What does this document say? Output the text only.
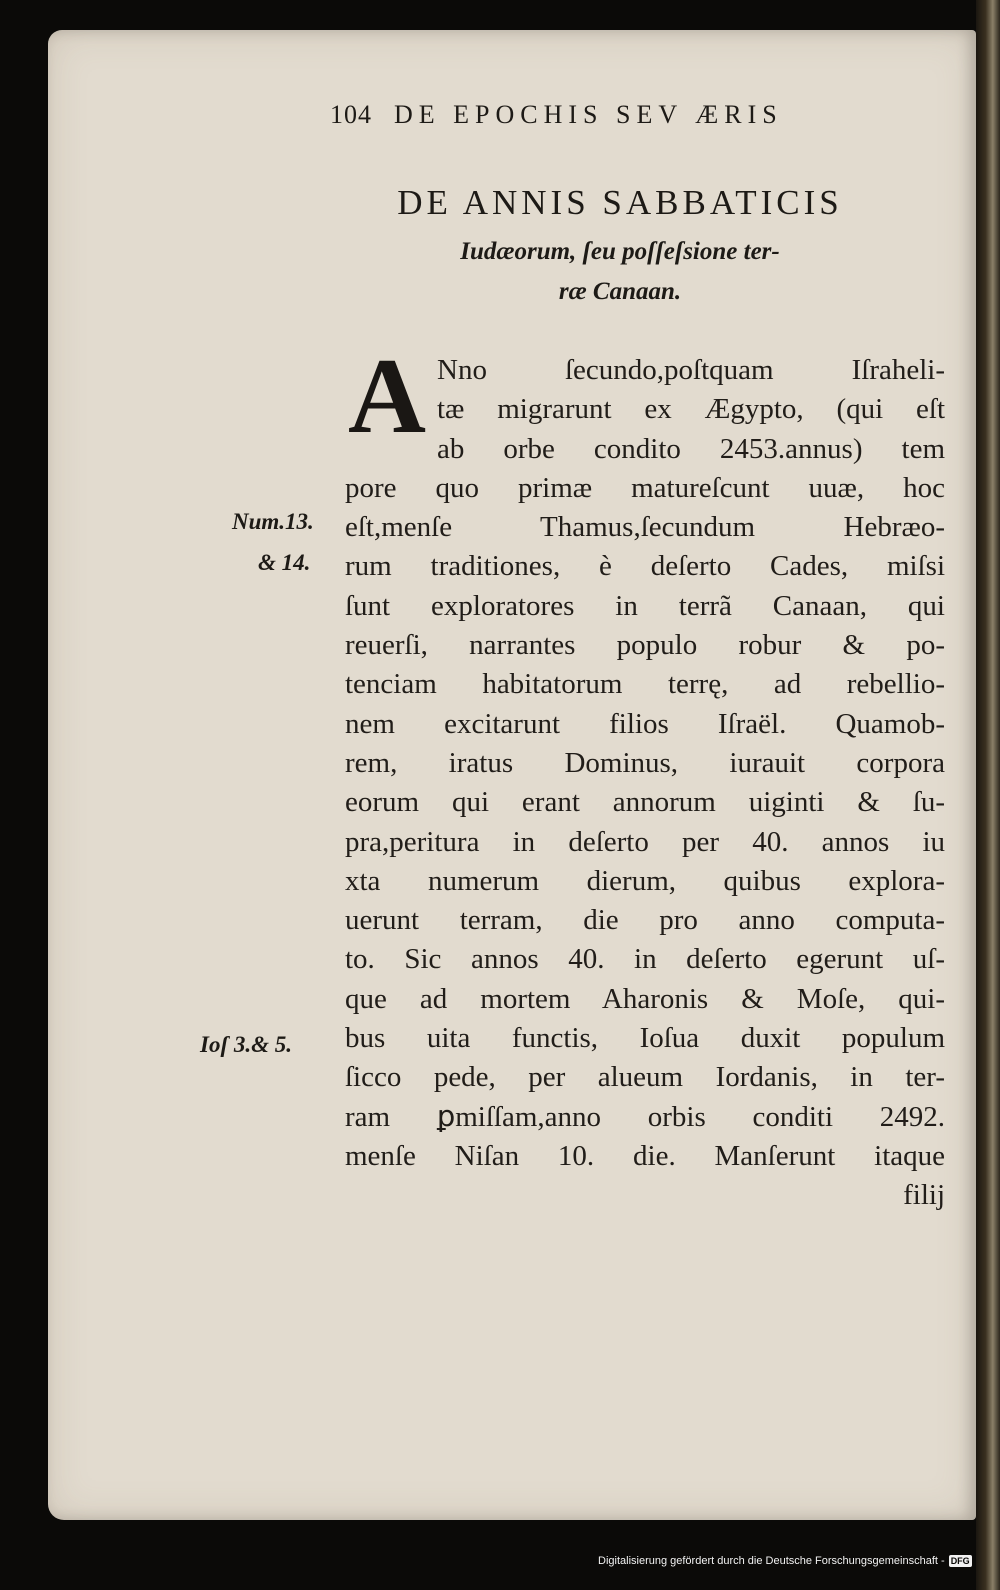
104 DE EPOCHIS SEV ÆRIS
DE ANNIS SABBATICIS
Iudæorum, ſeu poſſeſsione ter-
ræ Canaan.
A Nno ſecundo,poſtquam Iſraheli-
tæ migrarunt ex Ægypto, (qui eſt
ab orbe condito 2453.annus) tem
pore quo primæ matureſcunt uuæ, hoc
eſt,menſe Thamus,ſecundum Hebræo-
rum traditiones, è deſerto Cades, miſsi
ſunt exploratores in terrã Canaan, qui
reuerſi, narrantes populo robur & po-
tenciam habitatorum terrę, ad rebellio-
nem excitarunt filios Iſraël. Quamob-
rem, iratus Dominus, iurauit corpora
eorum qui erant annorum uiginti & ſu-
pra,peritura in deſerto per 40. annos iu
xta numerum dierum, quibus explora-
uerunt terram, die pro anno computa-
to. Sic annos 40. in deſerto egerunt uſ-
que ad mortem Aharonis & Moſe, qui-
bus uita functis, Ioſua duxit populum
ſicco pede, per alueum Iordanis, in ter-
ram ꝑmiſſam,anno orbis conditi 2492.
menſe Niſan 10. die. Manſerunt itaque
filij
Num.13.
& 14.
Ioſ 3.& 5.
Digitalisierung gefördert durch die Deutsche Forschungsgemeinschaft - DFG
